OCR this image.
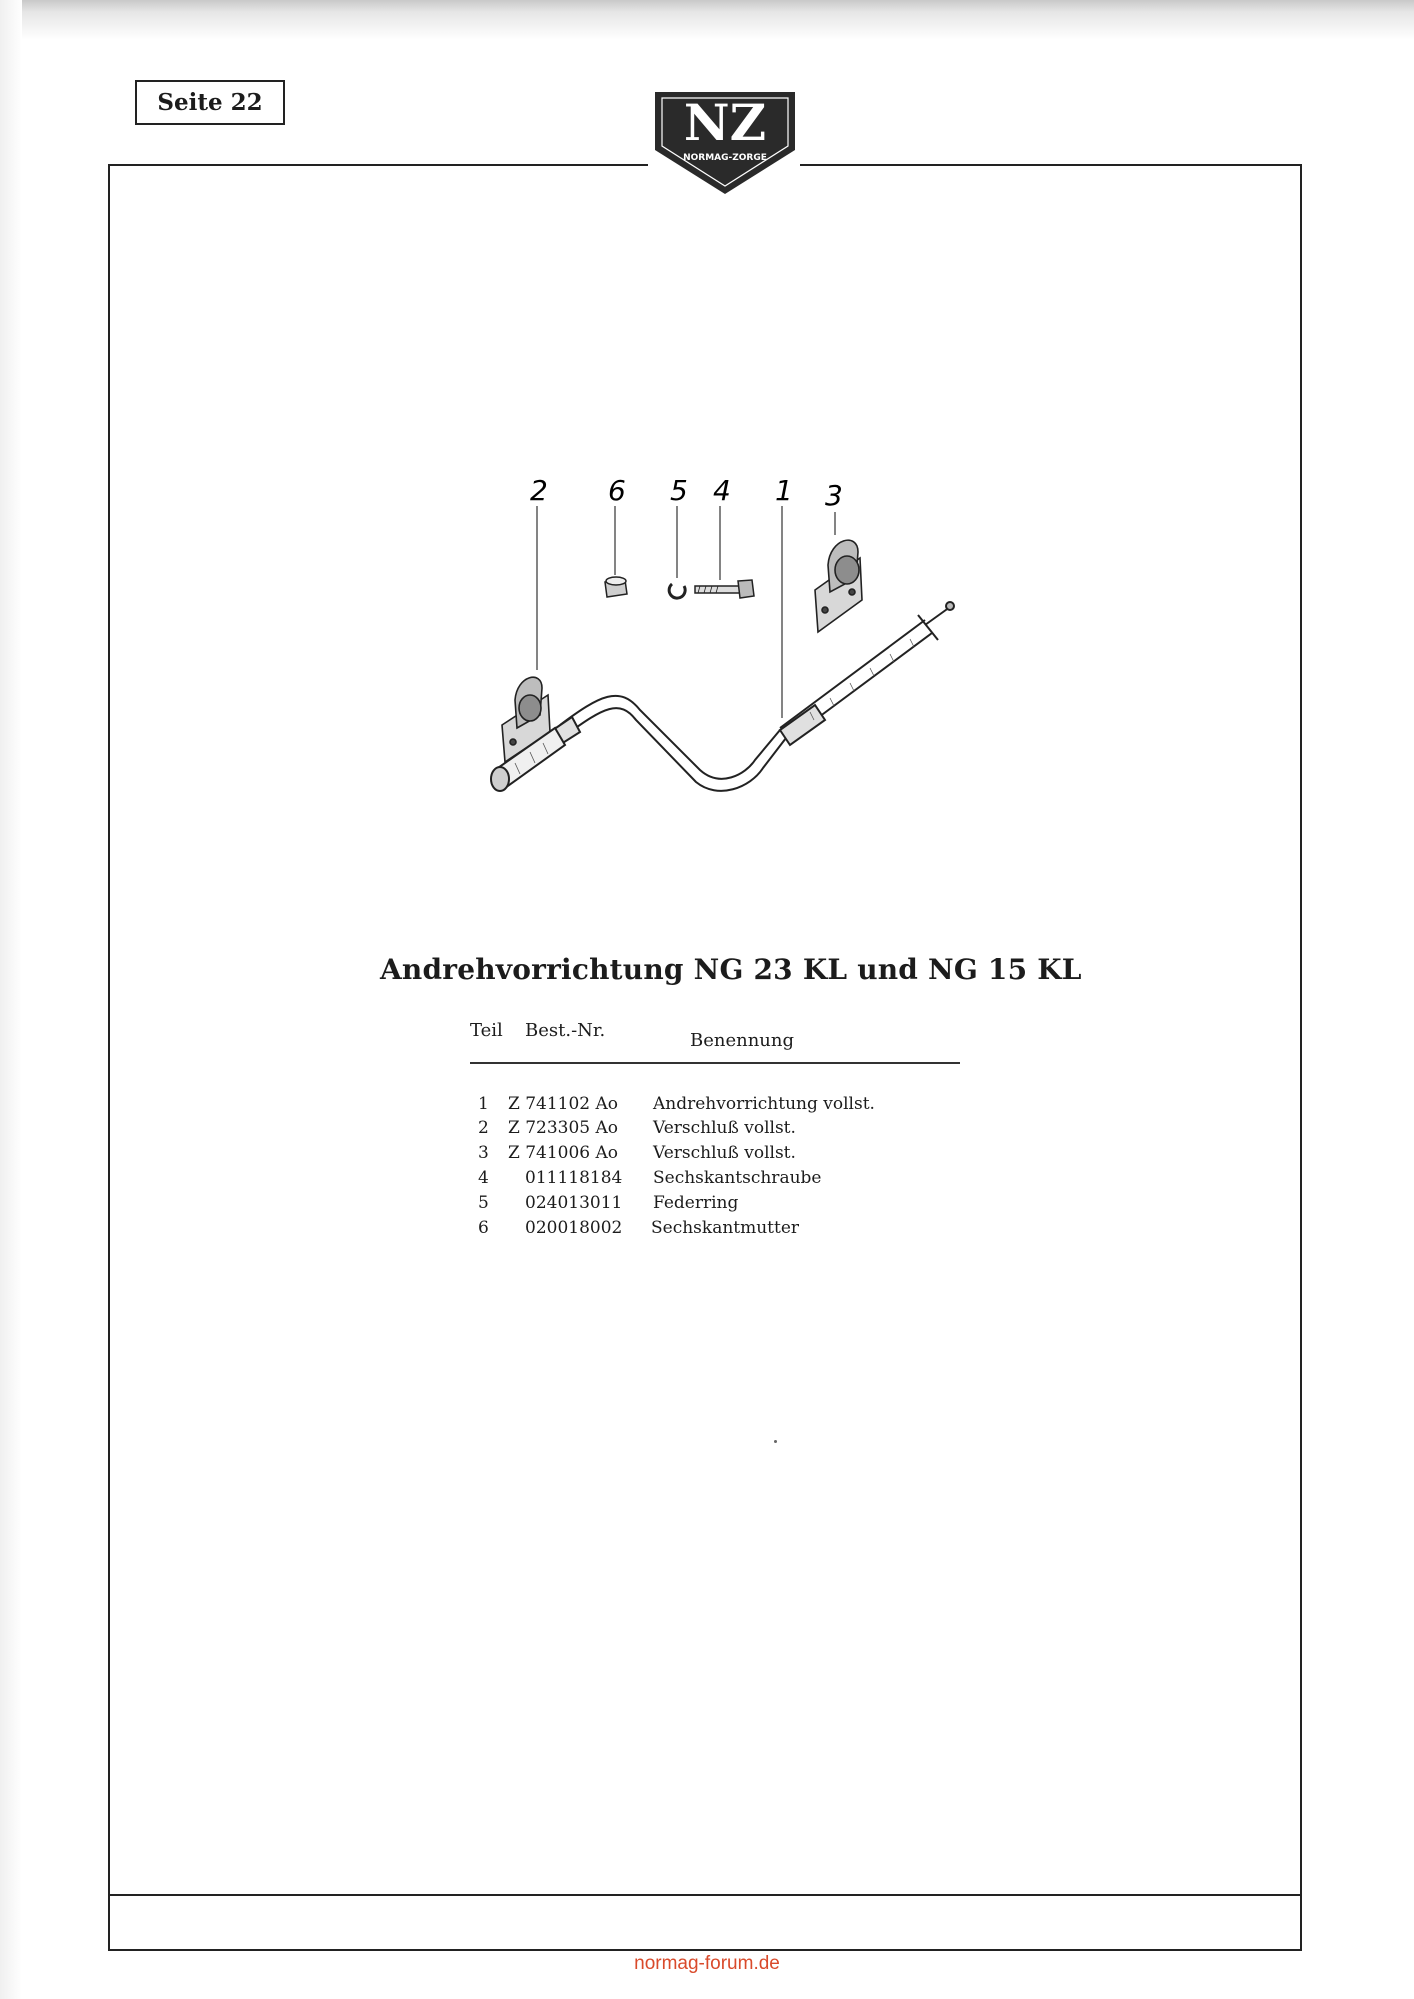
Seite 22	NZ
NORMAG-ZORGE
2 6 5 4 1 3
Andrehvorrichtung NG 23 KL und NG 15 KL
Teil Best.-Nr.	Benennung
1 Z 741102 Ao Andrehvorrichtung vollst.
2 Z 723305 Ao Verschluß vollst.
3 Z 741006 Ao Verschluß vollst.
4 011118184 Sechskantschraube
5 024013011 Federring
6 020018002 Sechskantmutter
normag-forum.de
